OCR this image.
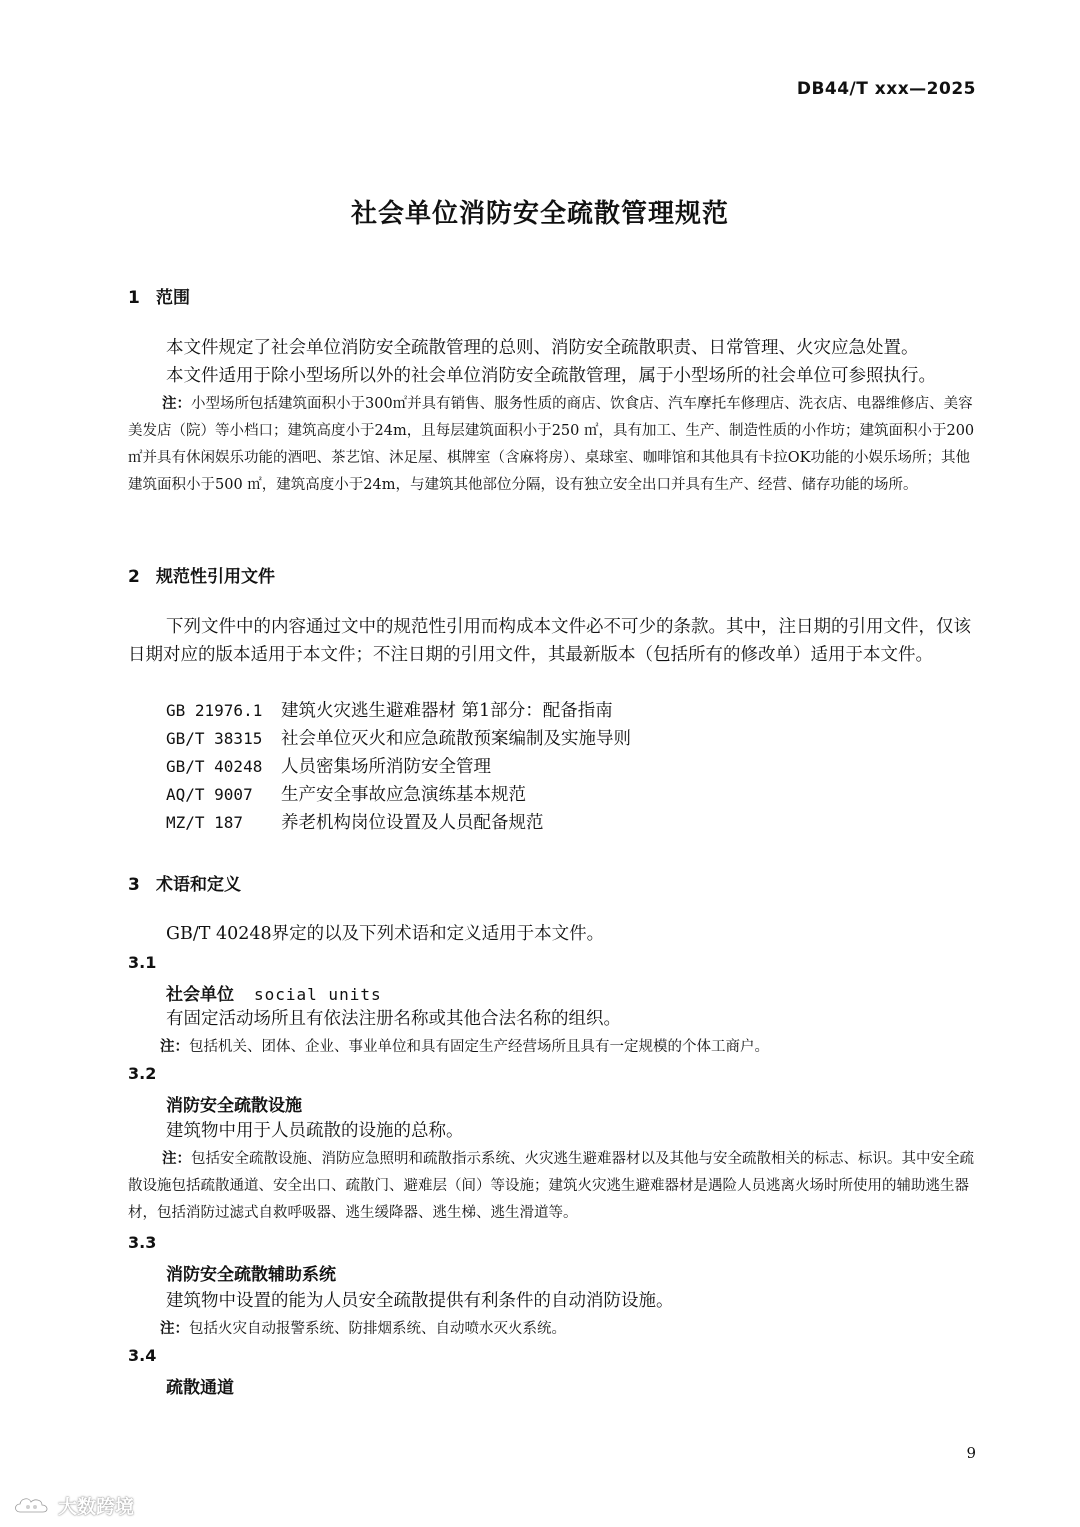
DB44/T xxx—2025
社会单位消防安全疏散管理规范
1 范围
本文件规定了社会单位消防安全疏散管理的总则、消防安全疏散职责、日常管理、火灾应急处置。
本文件适用于除小型场所以外的社会单位消防安全疏散管理，属于小型场所的社会单位可参照执行。
注：小型场所包括建筑面积小于300㎡并具有销售、服务性质的商店、饮食店、汽车摩托车修理店、洗衣店、电器维修店、美容美发店（院）等小档口；建筑高度小于24m，且每层建筑面积小于250 ㎡，具有加工、生产、制造性质的小作坊；建筑面积小于200㎡并具有休闲娱乐功能的酒吧、茶艺馆、沐足屋、棋牌室（含麻将房）、桌球室、咖啡馆和其他具有卡拉OK功能的小娱乐场所；其他建筑面积小于500 ㎡，建筑高度小于24m，与建筑其他部位分隔，设有独立安全出口并具有生产、经营、储存功能的场所。
2 规范性引用文件
下列文件中的内容通过文中的规范性引用而构成本文件必不可少的条款。其中，注日期的引用文件，仅该日期对应的版本适用于本文件；不注日期的引用文件，其最新版本（包括所有的修改单）适用于本文件。
GB 21976.1 建筑火灾逃生避难器材 第1部分：配备指南
GB/T 38315 社会单位灭火和应急疏散预案编制及实施导则
GB/T 40248 人员密集场所消防安全管理
AQ/T 9007 生产安全事故应急演练基本规范
MZ/T 187 养老机构岗位设置及人员配备规范
3 术语和定义
GB/T 40248界定的以及下列术语和定义适用于本文件。
3.1
社会单位 social units
有固定活动场所且有依法注册名称或其他合法名称的组织。
注：包括机关、团体、企业、事业单位和具有固定生产经营场所且具有一定规模的个体工商户。
3.2
消防安全疏散设施
建筑物中用于人员疏散的设施的总称。
注：包括安全疏散设施、消防应急照明和疏散指示系统、火灾逃生避难器材以及其他与安全疏散相关的标志、标识。其中安全疏散设施包括疏散通道、安全出口、疏散门、避难层（间）等设施；建筑火灾逃生避难器材是遇险人员逃离火场时所使用的辅助逃生器材，包括消防过滤式自救呼吸器、逃生缓降器、逃生梯、逃生滑道等。
3.3
消防安全疏散辅助系统
建筑物中设置的能为人员安全疏散提供有利条件的自动消防设施。
注：包括火灾自动报警系统、防排烟系统、自动喷水灭火系统。
3.4
疏散通道
9
大数跨境
